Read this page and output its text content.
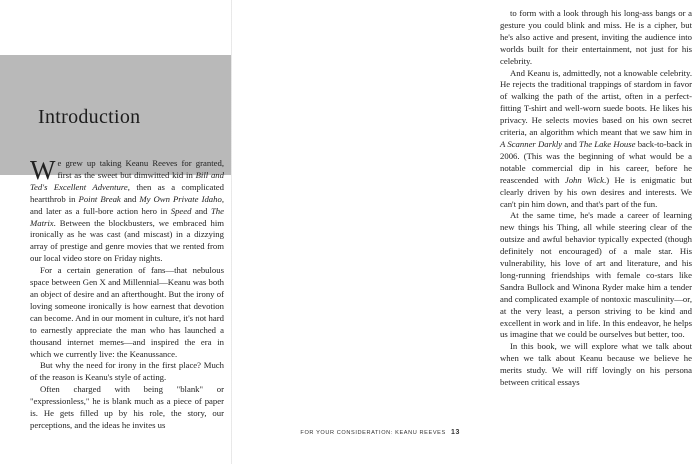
Introduction

We grew up taking Keanu Reeves for granted, first as the sweet but dimwitted kid in Bill and Ted's Excellent Adventure, then as a complicated heartthrob in Point Break and My Own Private Idaho, and later as a full-bore action hero in Speed and The Matrix. Between the blockbusters, we embraced him ironically as he was cast (and miscast) in a dizzying array of prestige and genre movies that we rented from our local video store on Friday nights.

For a certain generation of fans—that nebulous space between Gen X and Millennial—Keanu was both an object of desire and an afterthought. But the irony of loving someone ironically is how earnest that devotion can become. And in our moment in culture, it's not hard to earnestly appreciate the man who has launched a thousand internet memes—and inspired the era in which we currently live: the Keanussance.

But why the need for irony in the first place? Much of the reason is Keanu's style of acting.

Often charged with being "blank" or "expressionless," he is blank much as a piece of paper is. He gets filled up by his role, the story, our perceptions, and the ideas he invites us

to form with a look through his long-ass bangs or a gesture you could blink and miss. He is a cipher, but he's also active and present, inviting the audience into worlds built for their entertainment, not just for his celebrity.

And Keanu is, admittedly, not a knowable celebrity. He rejects the traditional trappings of stardom in favor of walking the path of the artist, often in a perfect-fitting T-shirt and well-worn suede boots. He likes his privacy. He selects movies based on his own secret criteria, an algorithm which meant that we saw him in A Scanner Darkly and The Lake House back-to-back in 2006. (This was the beginning of what would be a notable commercial dip in his career, before he reascended with John Wick.) He is enigmatic but clearly driven by his own desires and interests. We can't pin him down, and that's part of the fun.

At the same time, he's made a career of learning new things his Thing, all while steering clear of the outsize and awful behavior typically expected (though definitely not encouraged) of a male star. His vulnerability, his love of art and literature, and his long-running friendships with female co-stars like Sandra Bullock and Winona Ryder make him a tender and complicated example of nontoxic masculinity—or, at the very least, a person striving to be kind and excellent in work and in life. In this endeavor, he helps us imagine that we could be ourselves but better, too.

In this book, we will explore what we talk about when we talk about Keanu because we believe he merits study. We will riff lovingly on his persona between critical essays

FOR YOUR CONSIDERATION: KEANU REEVES 13
